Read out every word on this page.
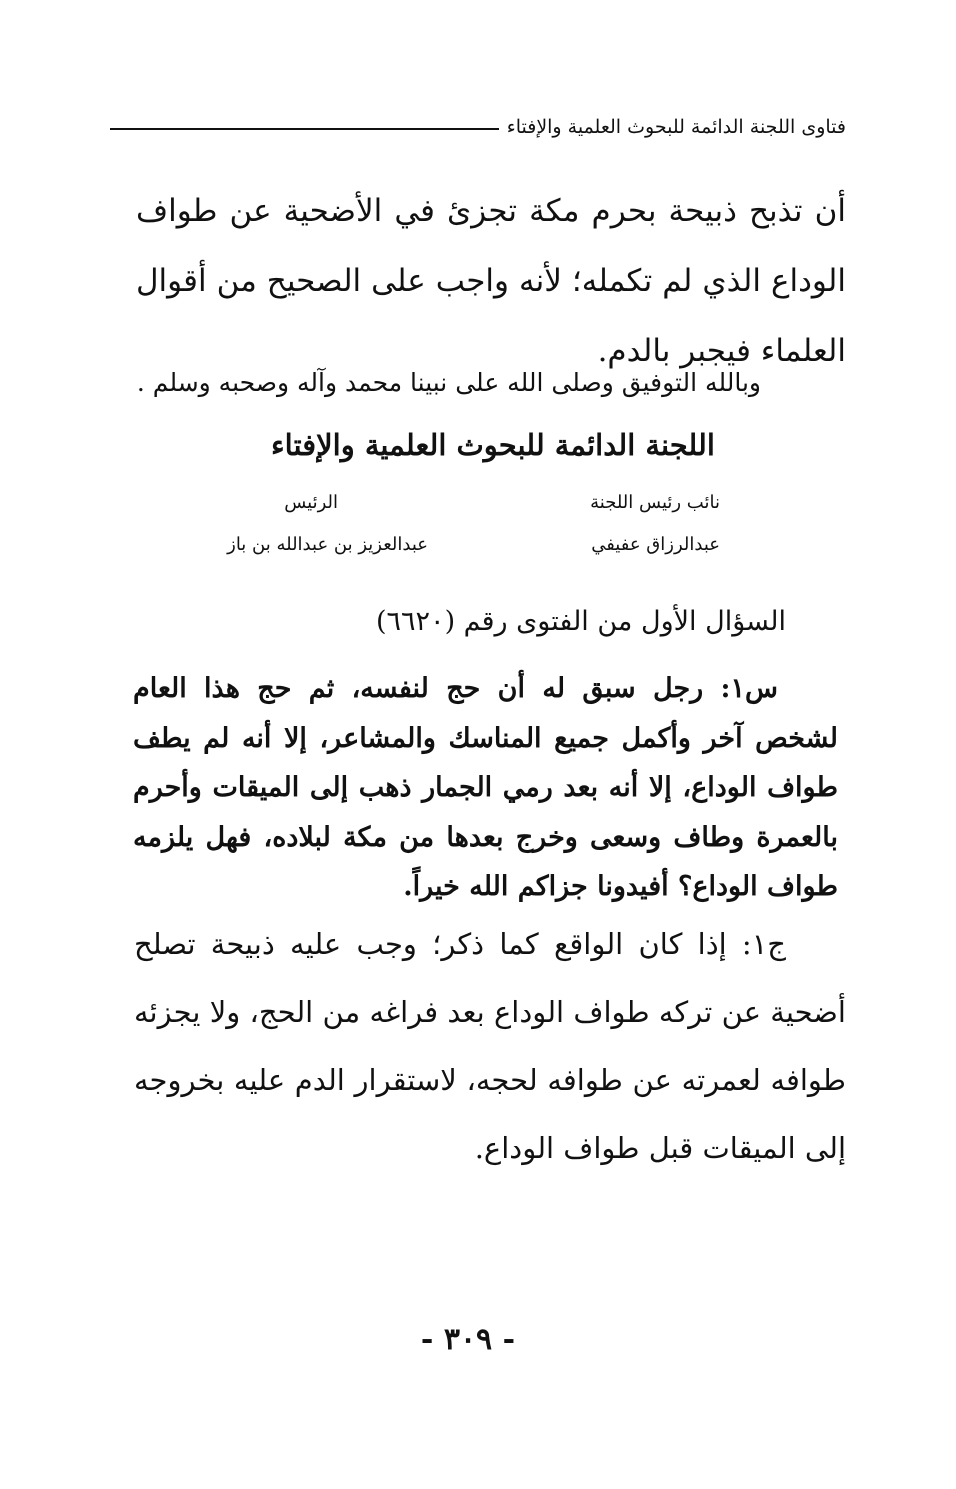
فتاوى اللجنة الدائمة للبحوث العلمية والإفتاء

أن تذبح ذبيحة بحرم مكة تجزئ في الأضحية عن طواف الوداع الذي لم تكمله؛ لأنه واجب على الصحيح من أقوال العلماء فيجبر بالدم.

وبالله التوفيق وصلى الله على نبينا محمد وآله وصحبه وسلم .
اللجنة الدائمة للبحوث العلمية والإفتاء
نائب رئيس اللجنة
عبدالرزاق عفيفي
الرئيس
عبدالعزيز بن عبدالله بن باز
السؤال الأول من الفتوى رقم (٦٦٢٠)

س١: رجل سبق له أن حج لنفسه، ثم حج هذا العام لشخص آخر وأكمل جميع المناسك والمشاعر، إلا أنه لم يطف طواف الوداع، إلا أنه بعد رمي الجمار ذهب إلى الميقات وأحرم بالعمرة وطاف وسعى وخرج بعدها من مكة لبلاده، فهل يلزمه طواف الوداع؟ أفيدونا جزاكم الله خيراً.

ج١: إذا كان الواقع كما ذكر؛ وجب عليه ذبيحة تصلح أضحية عن تركه طواف الوداع بعد فراغه من الحج، ولا يجزئه طوافه لعمرته عن طوافه لحجه، لاستقرار الدم عليه بخروجه إلى الميقات قبل طواف الوداع.

- ٣٠٩ -
